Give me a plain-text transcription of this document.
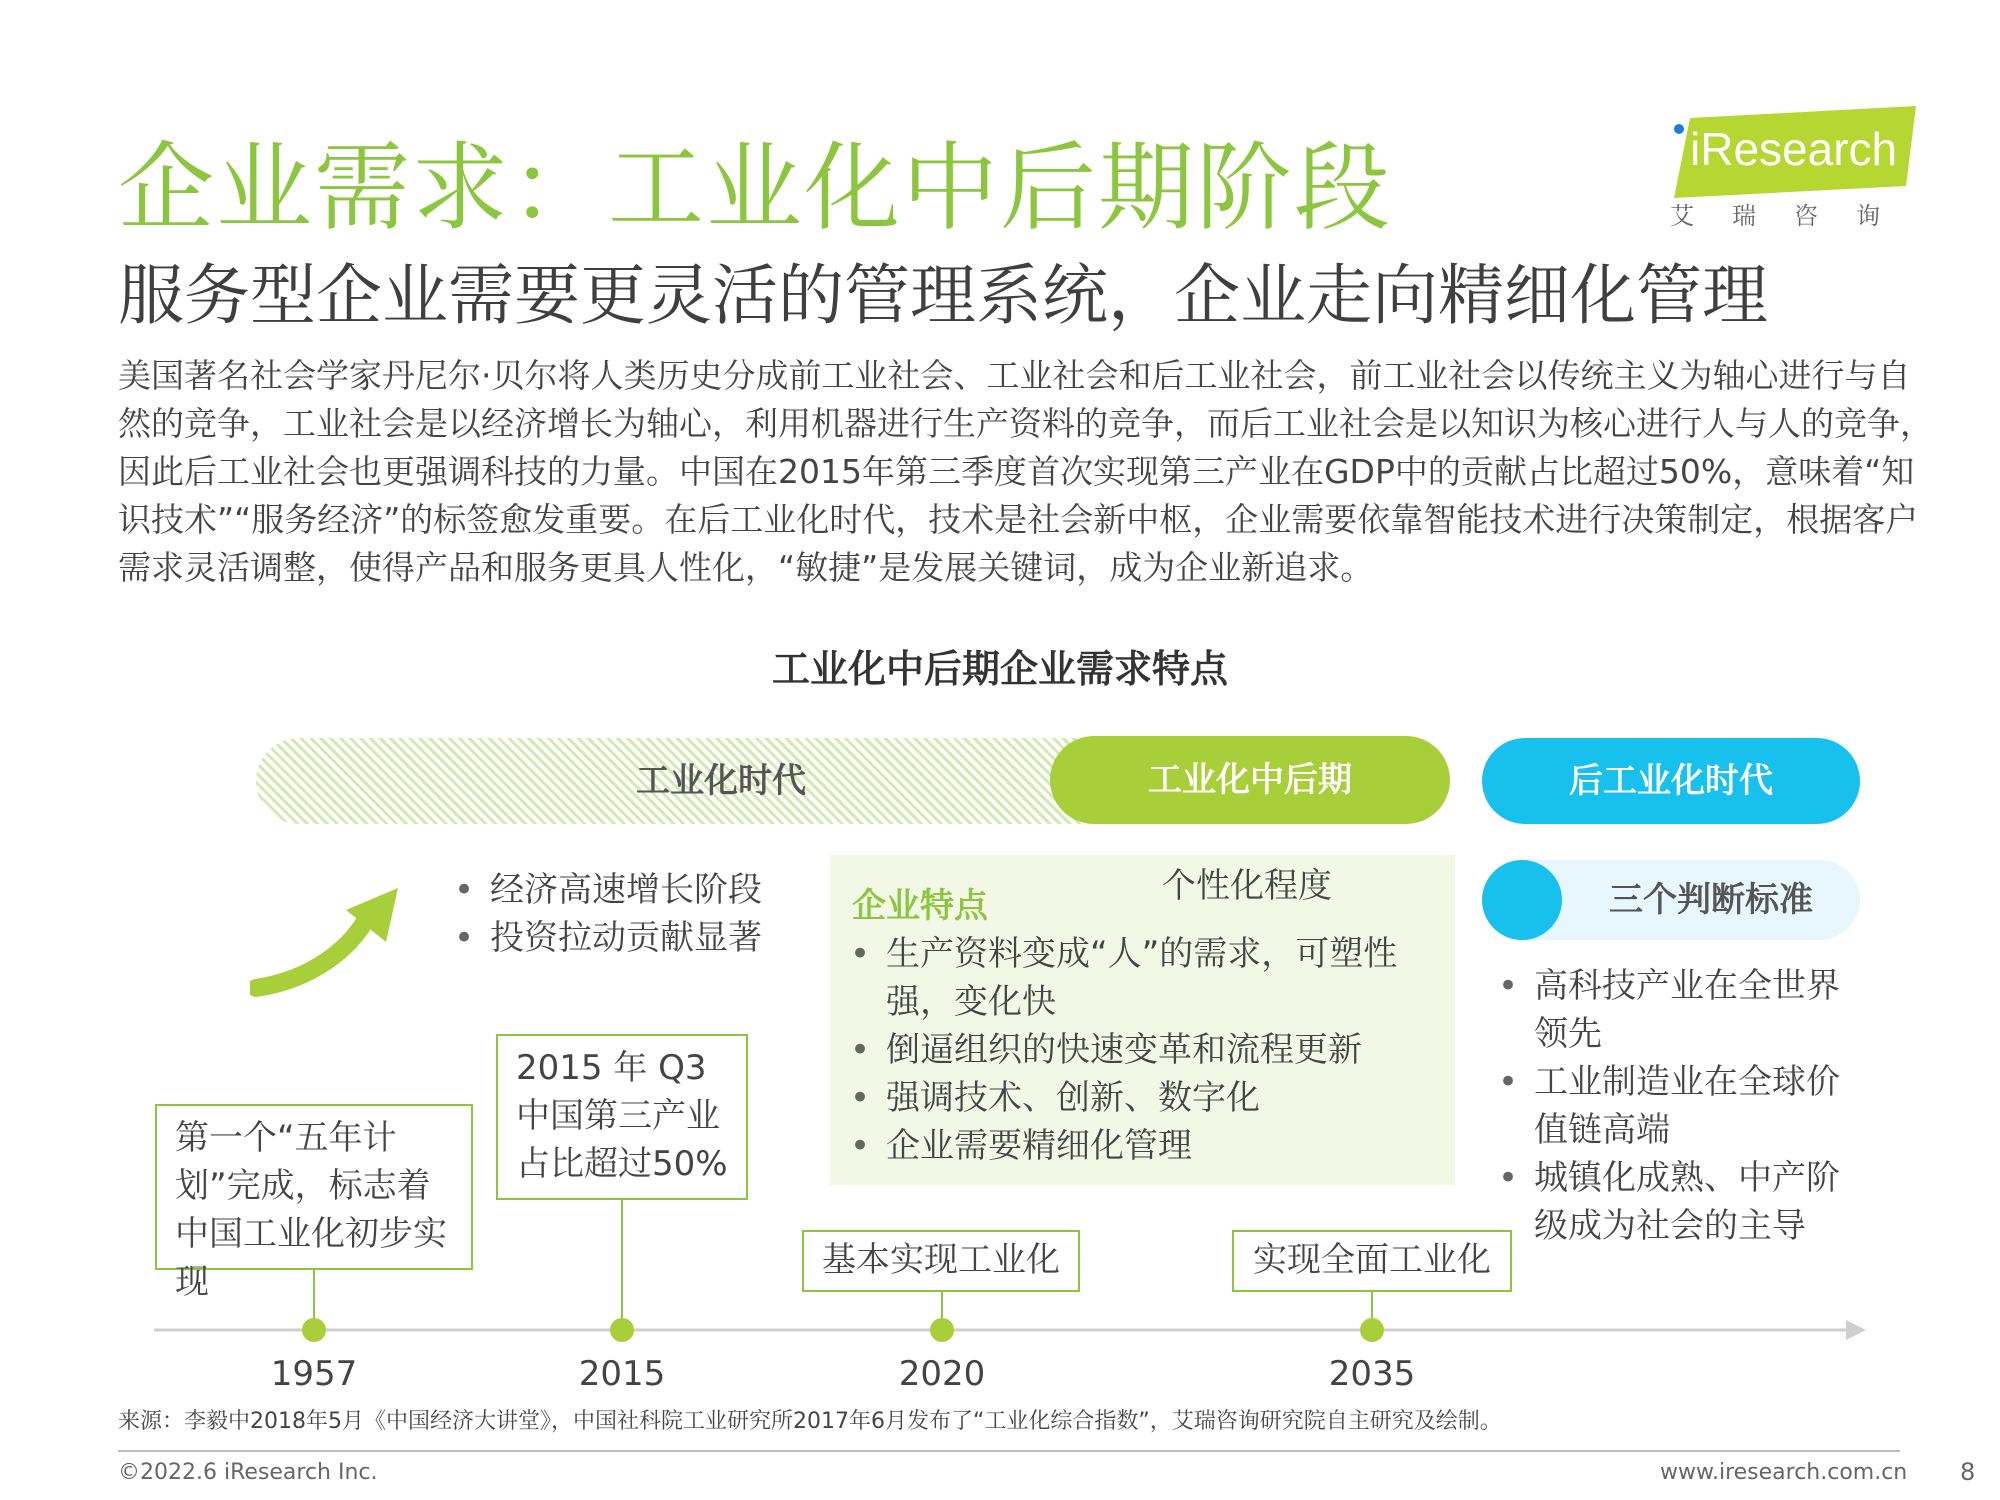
企业需求：工业化中后期阶段
服务型企业需要更灵活的管理系统，企业走向精细化管理
iResearch
艾瑞咨询
美国著名社会学家丹尼尔·贝尔将人类历史分成前工业社会、工业社会和后工业社会，前工业社会以传统主义为轴心进行与自然的竞争，工业社会是以经济增长为轴心，利用机器进行生产资料的竞争，而后工业社会是以知识为核心进行人与人的竞争，因此后工业社会也更强调科技的力量。中国在2015年第三季度首次实现第三产业在GDP中的贡献占比超过50%，意味着“知识技术”“服务经济”的标签愈发重要。在后工业化时代，技术是社会新中枢，企业需要依靠智能技术进行决策制定，根据客户需求灵活调整，使得产品和服务更具人性化，“敏捷”是发展关键词，成为企业新追求。
工业化中后期企业需求特点
工业化时代	工业化中后期	后工业化时代
• 经济高速增长阶段
• 投资拉动贡献显著
企业特点	个性化程度
• 生产资料变成“人”的需求，可塑性强，变化快
• 倒逼组织的快速变革和流程更新
• 强调技术、创新、数字化
• 企业需要精细化管理
三个判断标准
• 高科技产业在全世界领先
• 工业制造业在全球价值链高端
• 城镇化成熟、中产阶级成为社会的主导
第一个“五年计划”完成，标志着中国工业化初步实现
2015 年 Q3 中国第三产业占比超过50%
基本实现工业化	实现全面工业化
1957	2015	2020	2035
来源：李毅中2018年5月《中国经济大讲堂》，中国社科院工业研究所2017年6月发布了“工业化综合指数”，艾瑞咨询研究院自主研究及绘制。
©2022.6 iResearch Inc.	www.iresearch.com.cn 8
